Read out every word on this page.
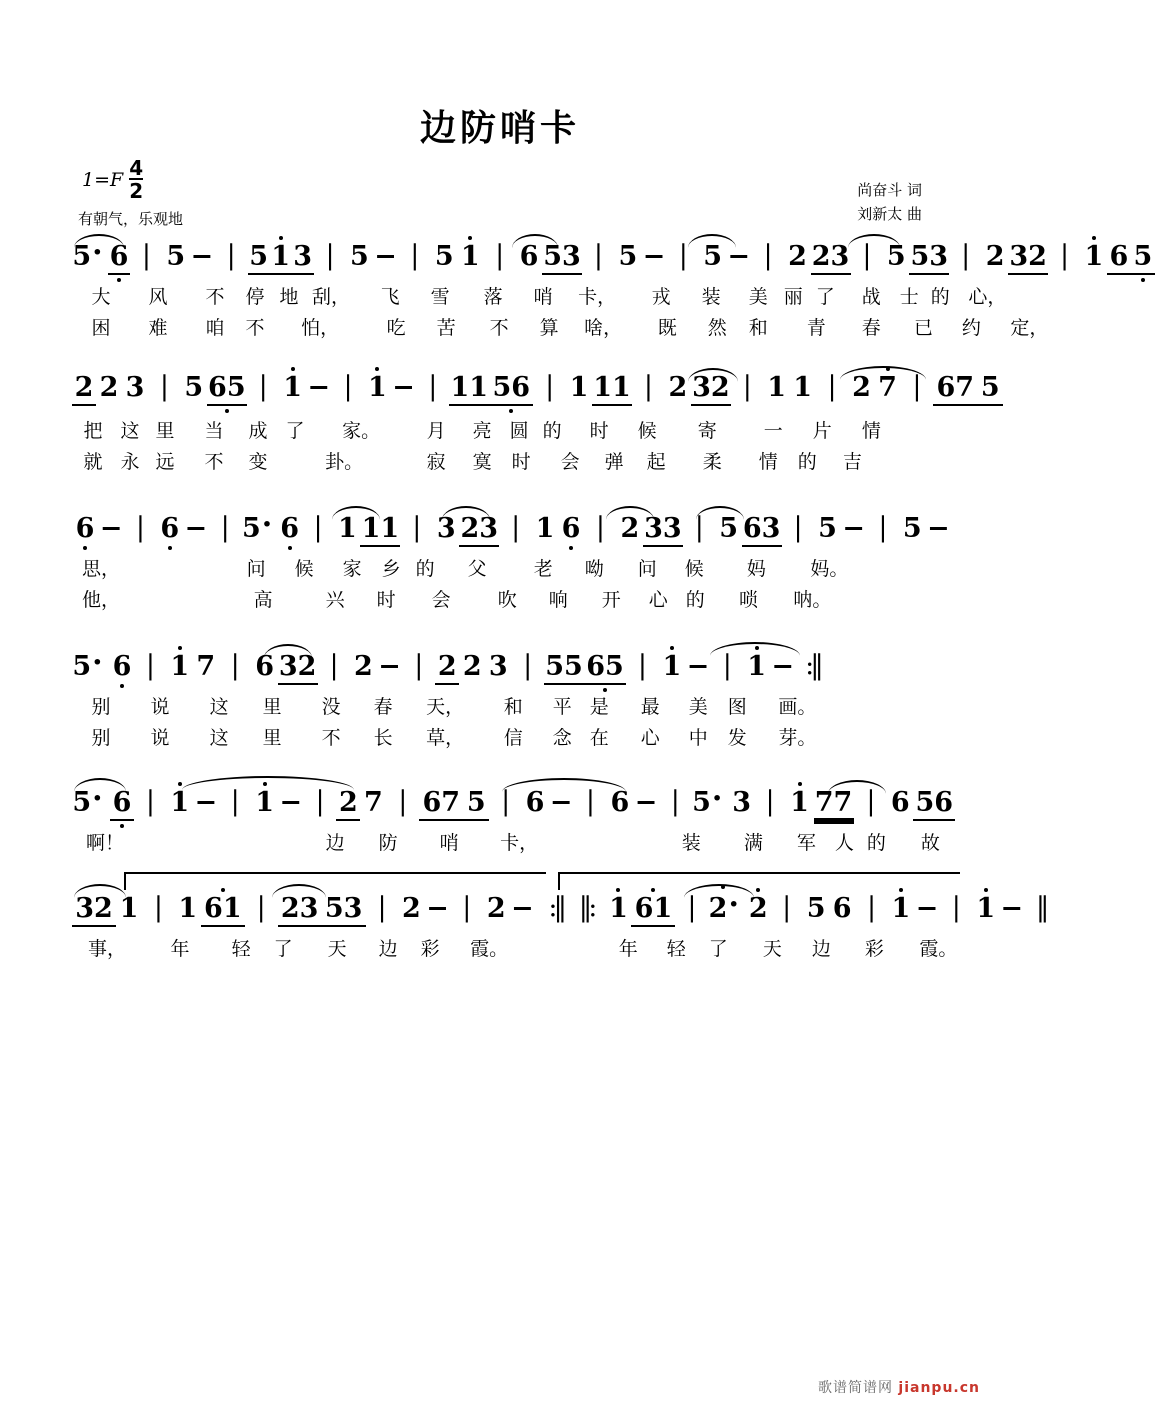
边防哨卡
$1=F \frac{4}{2}$
有朝气，乐观地
尚奋斗 词
刘新太 曲
5 · 6 | 5 − | 5 1 3 | 5 − | 5 1 | 6 53 | 5 − | 5 − | 2 23 | 5 53 | 2 32 | 1 6 5
大 风 不 停 地 刮， 飞 雪 落 哨 卡， 戎 装 美 丽 了 战 士 的 心，
困 难 咱 不 怕，	吃 苦 不 算 啥， 既 然 和 青 春 已 约 定，
2 2 3 | 5 65 | 1 − | 1 − | 11 56 | 1 11 | 2 32 | 1 1 | 2 7 | 67 5
把 这 里 当 成 了 家。 月 亮 圆 的 时 候 寄 一 片 情
就 永 远 不 变	卦。	寂 寞 时 会 弹 起 柔 情 的 吉
6 − | 6 − | 5 · 6 | 1 11 | 3 23 | 1 6 | 2 33 | 5 63 | 5 − | 5 −
思，	问 候 家 乡 的 父 老 呦 问 候 妈 妈。
他，	高	兴 时 会 吹 响 开 心 的 唢 呐。
5 · 6 | 1 7 | 6 32 | 2 − | 2 2 3 | 55 65 | 1 − | 1 − :‖
别 说 这 里 没 春 天， 和 平 是 最 美 图 画。
别 说 这 里 不 长 草， 信 念 在 心 中 发 芽。
5 · 6 | 1 − | 1 − | 2 7 | 67 5 | 6 − | 6 − | 5 · 3 | 1 77 | 6 56
啊！	边 防 哨 卡，	装 满 军 人 的 故
32 1 | 1 61 | 23 53 | 2 − | 2 − :‖ ‖: 1 61 | 2 · 2 | 5 6 | 1 − | 1 − ‖
事， 年 轻 了 天 边 彩 霞。	年 轻 了 天 边 彩 霞。
歌谱简谱网 jianpu.cn
